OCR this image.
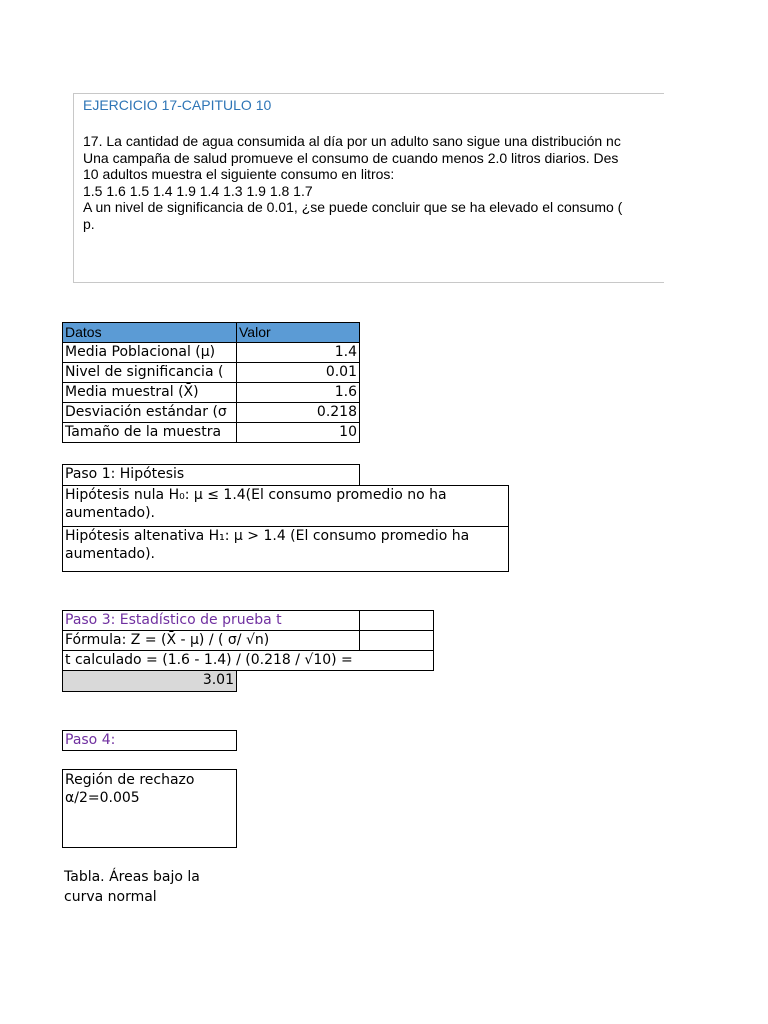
EJERCICIO 17-CAPITULO 10
17. La cantidad de agua consumida al día por un adulto sano sigue una distribución nc
Una campaña de salud promueve el consumo de cuando menos 2.0 litros diarios. Des
10 adultos muestra el siguiente consumo en litros:
1.5 1.6 1.5 1.4 1.9 1.4 1.3 1.9 1.8 1.7
A un nivel de significancia de 0.01, ¿se puede concluir que se ha elevado el consumo (
p.
Datos	Valor
Media Poblacional (μ)	1.4
Nivel de significancia (	0.01
Media muestral (X̄)	1.6
Desviación estándar (σ	0.218
Tamaño de la muestra	10
Paso 1: Hipótesis
Hipótesis nula H₀: μ ≤ 1.4(El consumo promedio no ha aumentado).
Hipótesis altenativa H₁: μ > 1.4 (El consumo promedio ha aumentado).
Paso 3: Estadístico de prueba t
Fórmula: Z = (X̄ - μ) / ( σ/ √n)
t calculado = (1.6 - 1.4) / (0.218 / √10) =
3.01
Paso 4:
Región de rechazo
α/2=0.005
Tabla. Áreas bajo la curva normal
